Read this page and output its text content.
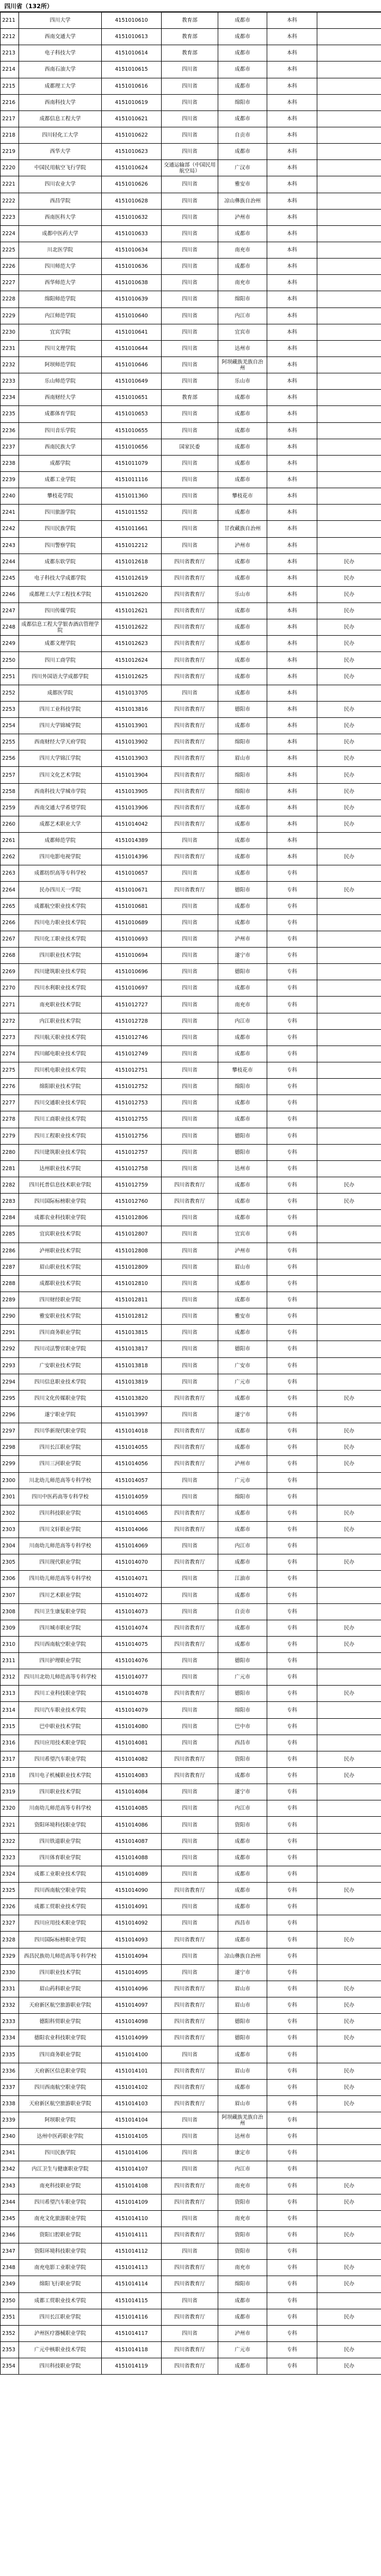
四川省（132所）
2211	四川大学	4151010610	教育部	成都市	本科	
2212	西南交通大学	4151010613	教育部	成都市	本科	
2213	电子科技大学	4151010614	教育部	成都市	本科	
2214	西南石油大学	4151010615	四川省	成都市	本科	
2215	成都理工大学	4151010616	四川省	成都市	本科	
2216	西南科技大学	4151010619	四川省	绵阳市	本科	
2217	成都信息工程大学	4151010621	四川省	成都市	本科	
2218	四川轻化工大学	4151010622	四川省	自贡市	本科	
2219	西华大学	4151010623	四川省	成都市	本科	
2220	中国民用航空飞行学院	4151010624	交通运输部（中国民用航空局）	广汉市	本科	
2221	四川农业大学	4151010626	四川省	雅安市	本科	
2222	西昌学院	4151010628	四川省	凉山彝族自治州	本科	
2223	西南医科大学	4151010632	四川省	泸州市	本科	
2224	成都中医药大学	4151010633	四川省	成都市	本科	
2225	川北医学院	4151010634	四川省	南充市	本科	
2226	四川师范大学	4151010636	四川省	成都市	本科	
2227	西华师范大学	4151010638	四川省	南充市	本科	
2228	绵阳师范学院	4151010639	四川省	绵阳市	本科	
2229	内江师范学院	4151010640	四川省	内江市	本科	
2230	宜宾学院	4151010641	四川省	宜宾市	本科	
2231	四川文理学院	4151010644	四川省	达州市	本科	
2232	阿坝师范学院	4151010646	四川省	阿坝藏族羌族自治州	本科	
2233	乐山师范学院	4151010649	四川省	乐山市	本科	
2234	西南财经大学	4151010651	教育部	成都市	本科	
2235	成都体育学院	4151010653	四川省	成都市	本科	
2236	四川音乐学院	4151010655	四川省	成都市	本科	
2237	西南民族大学	4151010656	国家民委	成都市	本科	
2238	成都学院	4151011079	四川省	成都市	本科	
2239	成都工业学院	4151011116	四川省	成都市	本科	
2240	攀枝花学院	4151011360	四川省	攀枝花市	本科	
2241	四川旅游学院	4151011552	四川省	成都市	本科	
2242	四川民族学院	4151011661	四川省	甘孜藏族自治州	本科	
2243	四川警察学院	4151012212	四川省	泸州市	本科	
2244	成都东软学院	4151012618	四川省教育厅	成都市	本科	民办
2245	电子科技大学成都学院	4151012619	四川省教育厅	成都市	本科	民办
2246	成都理工大学工程技术学院	4151012620	四川省教育厅	乐山市	本科	民办
2247	四川传媒学院	4151012621	四川省教育厅	成都市	本科	民办
2248	成都信息工程大学银杏酒店管理学院	4151012622	四川省教育厅	成都市	本科	民办
2249	成都文理学院	4151012623	四川省教育厅	成都市	本科	民办
2250	四川工商学院	4151012624	四川省教育厅	成都市	本科	民办
2251	四川外国语大学成都学院	4151012625	四川省教育厅	成都市	本科	民办
2252	成都医学院	4151013705	四川省	成都市	本科	
2253	四川工业科技学院	4151013816	四川省教育厅	德阳市	本科	民办
2254	四川大学锦城学院	4151013901	四川省教育厅	成都市	本科	民办
2255	西南财经大学天府学院	4151013902	四川省教育厅	绵阳市	本科	民办
2256	四川大学锦江学院	4151013903	四川省教育厅	眉山市	本科	民办
2257	四川文化艺术学院	4151013904	四川省教育厅	绵阳市	本科	民办
2258	西南科技大学城市学院	4151013905	四川省教育厅	绵阳市	本科	民办
2259	西南交通大学希望学院	4151013906	四川省教育厅	成都市	本科	民办
2260	成都艺术职业大学	4151014042	四川省教育厅	成都市	本科	民办
2261	成都师范学院	4151014389	四川省	成都市	本科	
2262	四川电影电视学院	4151014396	四川省教育厅	成都市	本科	民办
2263	成都纺织高等专科学校	4151010657	四川省	成都市	专科	
2264	民办四川天一学院	4151010671	四川省教育厅	德阳市	专科	民办
2265	成都航空职业技术学院	4151010681	四川省	成都市	专科	
2266	四川电力职业技术学院	4151010689	四川省	成都市	专科	
2267	四川化工职业技术学院	4151010693	四川省	泸州市	专科	
2268	四川职业技术学院	4151010694	四川省	遂宁市	专科	
2269	四川建筑职业技术学院	4151010696	四川省	德阳市	专科	
2270	四川水利职业技术学院	4151010697	四川省	成都市	专科	
2271	南充职业技术学院	4151012727	四川省	南充市	专科	
2272	内江职业技术学院	4151012728	四川省	内江市	专科	
2273	四川航天职业技术学院	4151012746	四川省	成都市	专科	
2274	四川邮电职业技术学院	4151012749	四川省	成都市	专科	
2275	四川机电职业技术学院	4151012751	四川省	攀枝花市	专科	
2276	绵阳职业技术学院	4151012752	四川省	绵阳市	专科	
2277	四川交通职业技术学院	4151012753	四川省	成都市	专科	
2278	四川工商职业技术学院	4151012755	四川省	成都市	专科	
2279	四川工程职业技术学院	4151012756	四川省	德阳市	专科	
2280	四川建筑职业技术学院	4151012757	四川省	德阳市	专科	
2281	达州职业技术学院	4151012758	四川省	达州市	专科	
2282	四川托普信息技术职业学院	4151012759	四川省教育厅	成都市	专科	民办
2283	四川国际标榜职业学院	4151012760	四川省教育厅	成都市	专科	民办
2284	成都农业科技职业学院	4151012806	四川省	成都市	专科	
2285	宜宾职业技术学院	4151012807	四川省	宜宾市	专科	
2286	泸州职业技术学院	4151012808	四川省	泸州市	专科	
2287	眉山职业技术学院	4151012809	四川省	眉山市	专科	
2288	成都职业技术学院	4151012810	四川省	成都市	专科	
2289	四川财经职业学院	4151012811	四川省	成都市	专科	
2290	雅安职业技术学院	4151012812	四川省	雅安市	专科	
2291	四川商务职业学院	4151013815	四川省	成都市	专科	
2292	四川司法警官职业学院	4151013817	四川省	德阳市	专科	
2293	广安职业技术学院	4151013818	四川省	广安市	专科	
2294	四川信息职业技术学院	4151013819	四川省	广元市	专科	
2295	四川文化传媒职业学院	4151013820	四川省教育厅	成都市	专科	民办
2296	遂宁职业学院	4151013997	四川省	遂宁市	专科	
2297	四川华新现代职业学院	4151014018	四川省教育厅	成都市	专科	民办
2298	四川长江职业学院	4151014055	四川省教育厅	成都市	专科	民办
2299	四川三河职业学院	4151014056	四川省教育厅	泸州市	专科	民办
2300	川北幼儿师范高等专科学校	4151014057	四川省	广元市	专科	
2301	四川中医药高等专科学校	4151014059	四川省	绵阳市	专科	
2302	四川科技职业学院	4151014065	四川省教育厅	成都市	专科	民办
2303	四川文轩职业学院	4151014066	四川省教育厅	成都市	专科	民办
2304	川南幼儿师范高等专科学校	4151014069	四川省	内江市	专科	
2305	四川现代职业学院	4151014070	四川省教育厅	成都市	专科	民办
2306	四川幼儿师范高等专科学校	4151014071	四川省	江油市	专科	
2307	四川艺术职业学院	4151014072	四川省	成都市	专科	
2308	四川卫生康复职业学院	4151014073	四川省	自贡市	专科	
2309	四川城市职业学院	4151014074	四川省教育厅	成都市	专科	民办
2310	四川西南航空职业学院	4151014075	四川省教育厅	成都市	专科	民办
2311	四川护理职业学院	4151014076	四川省	德阳市	专科	
2312	四川川北幼儿师范高等专科学校	4151014077	四川省	广元市	专科	
2313	四川工业科技职业学院	4151014078	四川省教育厅	德阳市	专科	民办
2314	四川汽车职业技术学院	4151014079	四川省	绵阳市	专科	
2315	巴中职业技术学院	4151014080	四川省	巴中市	专科	
2316	四川应用技术职业学院	4151014081	四川省	西昌市	专科	
2317	四川希望汽车职业学院	4151014082	四川省教育厅	资阳市	专科	民办
2318	四川电子机械职业技术学院	4151014083	四川省教育厅	成都市	专科	民办
2319	四川职业技术学院	4151014084	四川省	遂宁市	专科	
2320	川南幼儿师范高等专科学校	4151014085	四川省	内江市	专科	
2321	资阳环境科技职业学院	4151014086	四川省	资阳市	专科	
2322	四川铁道职业学院	4151014087	四川省	成都市	专科	
2323	四川体育职业学院	4151014088	四川省	成都市	专科	
2324	成都工业职业技术学院	4151014089	四川省	成都市	专科	
2325	四川西南航空职业学院	4151014090	四川省教育厅	成都市	专科	民办
2326	成都工贸职业技术学院	4151014091	四川省	成都市	专科	
2327	四川应用技术职业学院	4151014092	四川省	西昌市	专科	
2328	四川国际标榜职业学院	4151014093	四川省教育厅	成都市	专科	民办
2329	西昌民族幼儿师范高等专科学校	4151014094	四川省	凉山彝族自治州	专科	
2330	四川职业技术学院	4151014095	四川省	遂宁市	专科	
2331	眉山药科职业学院	4151014096	四川省教育厅	眉山市	专科	民办
2332	天府新区航空旅游职业学院	4151014097	四川省教育厅	眉山市	专科	民办
2333	德阳科贸职业学院	4151014098	四川省教育厅	德阳市	专科	民办
2334	德阳农业科技职业学院	4151014099	四川省教育厅	德阳市	专科	民办
2335	四川商务职业学院	4151014100	四川省	成都市	专科	
2336	天府新区信息职业学院	4151014101	四川省教育厅	眉山市	专科	民办
2337	四川西南航空职业学院	4151014102	四川省教育厅	成都市	专科	民办
2338	天府新区航空旅游职业学院	4151014103	四川省教育厅	眉山市	专科	民办
2339	阿坝职业学院	4151014104	四川省	阿坝藏族羌族自治州	专科	
2340	达州中医药职业学院	4151014105	四川省	达州市	专科	
2341	四川民族学院	4151014106	四川省	康定市	专科	
2342	内江卫生与健康职业学院	4151014107	四川省	内江市	专科	
2343	南充科技职业学院	4151014108	四川省教育厅	南充市	专科	民办
2344	四川希望汽车职业学院	4151014109	四川省教育厅	资阳市	专科	民办
2345	南充文化旅游职业学院	4151014110	四川省	南充市	专科	
2346	资阳口腔职业学院	4151014111	四川省教育厅	资阳市	专科	民办
2347	资阳环境科技职业学院	4151014112	四川省	资阳市	专科	
2348	南充电影工业职业学院	4151014113	四川省教育厅	南充市	专科	民办
2349	绵阳飞行职业学院	4151014114	四川省教育厅	绵阳市	专科	民办
2350	成都工贸职业技术学院	4151014115	四川省	成都市	专科	
2351	四川长江职业学院	4151014116	四川省教育厅	成都市	专科	民办
2352	泸州医疗器械职业学院	4151014117	四川省	泸州市	专科	
2353	广元中核职业技术学院	4151014118	四川省教育厅	广元市	专科	民办
2354	四川科技职业学院	4151014119	四川省教育厅	成都市	专科	民办
